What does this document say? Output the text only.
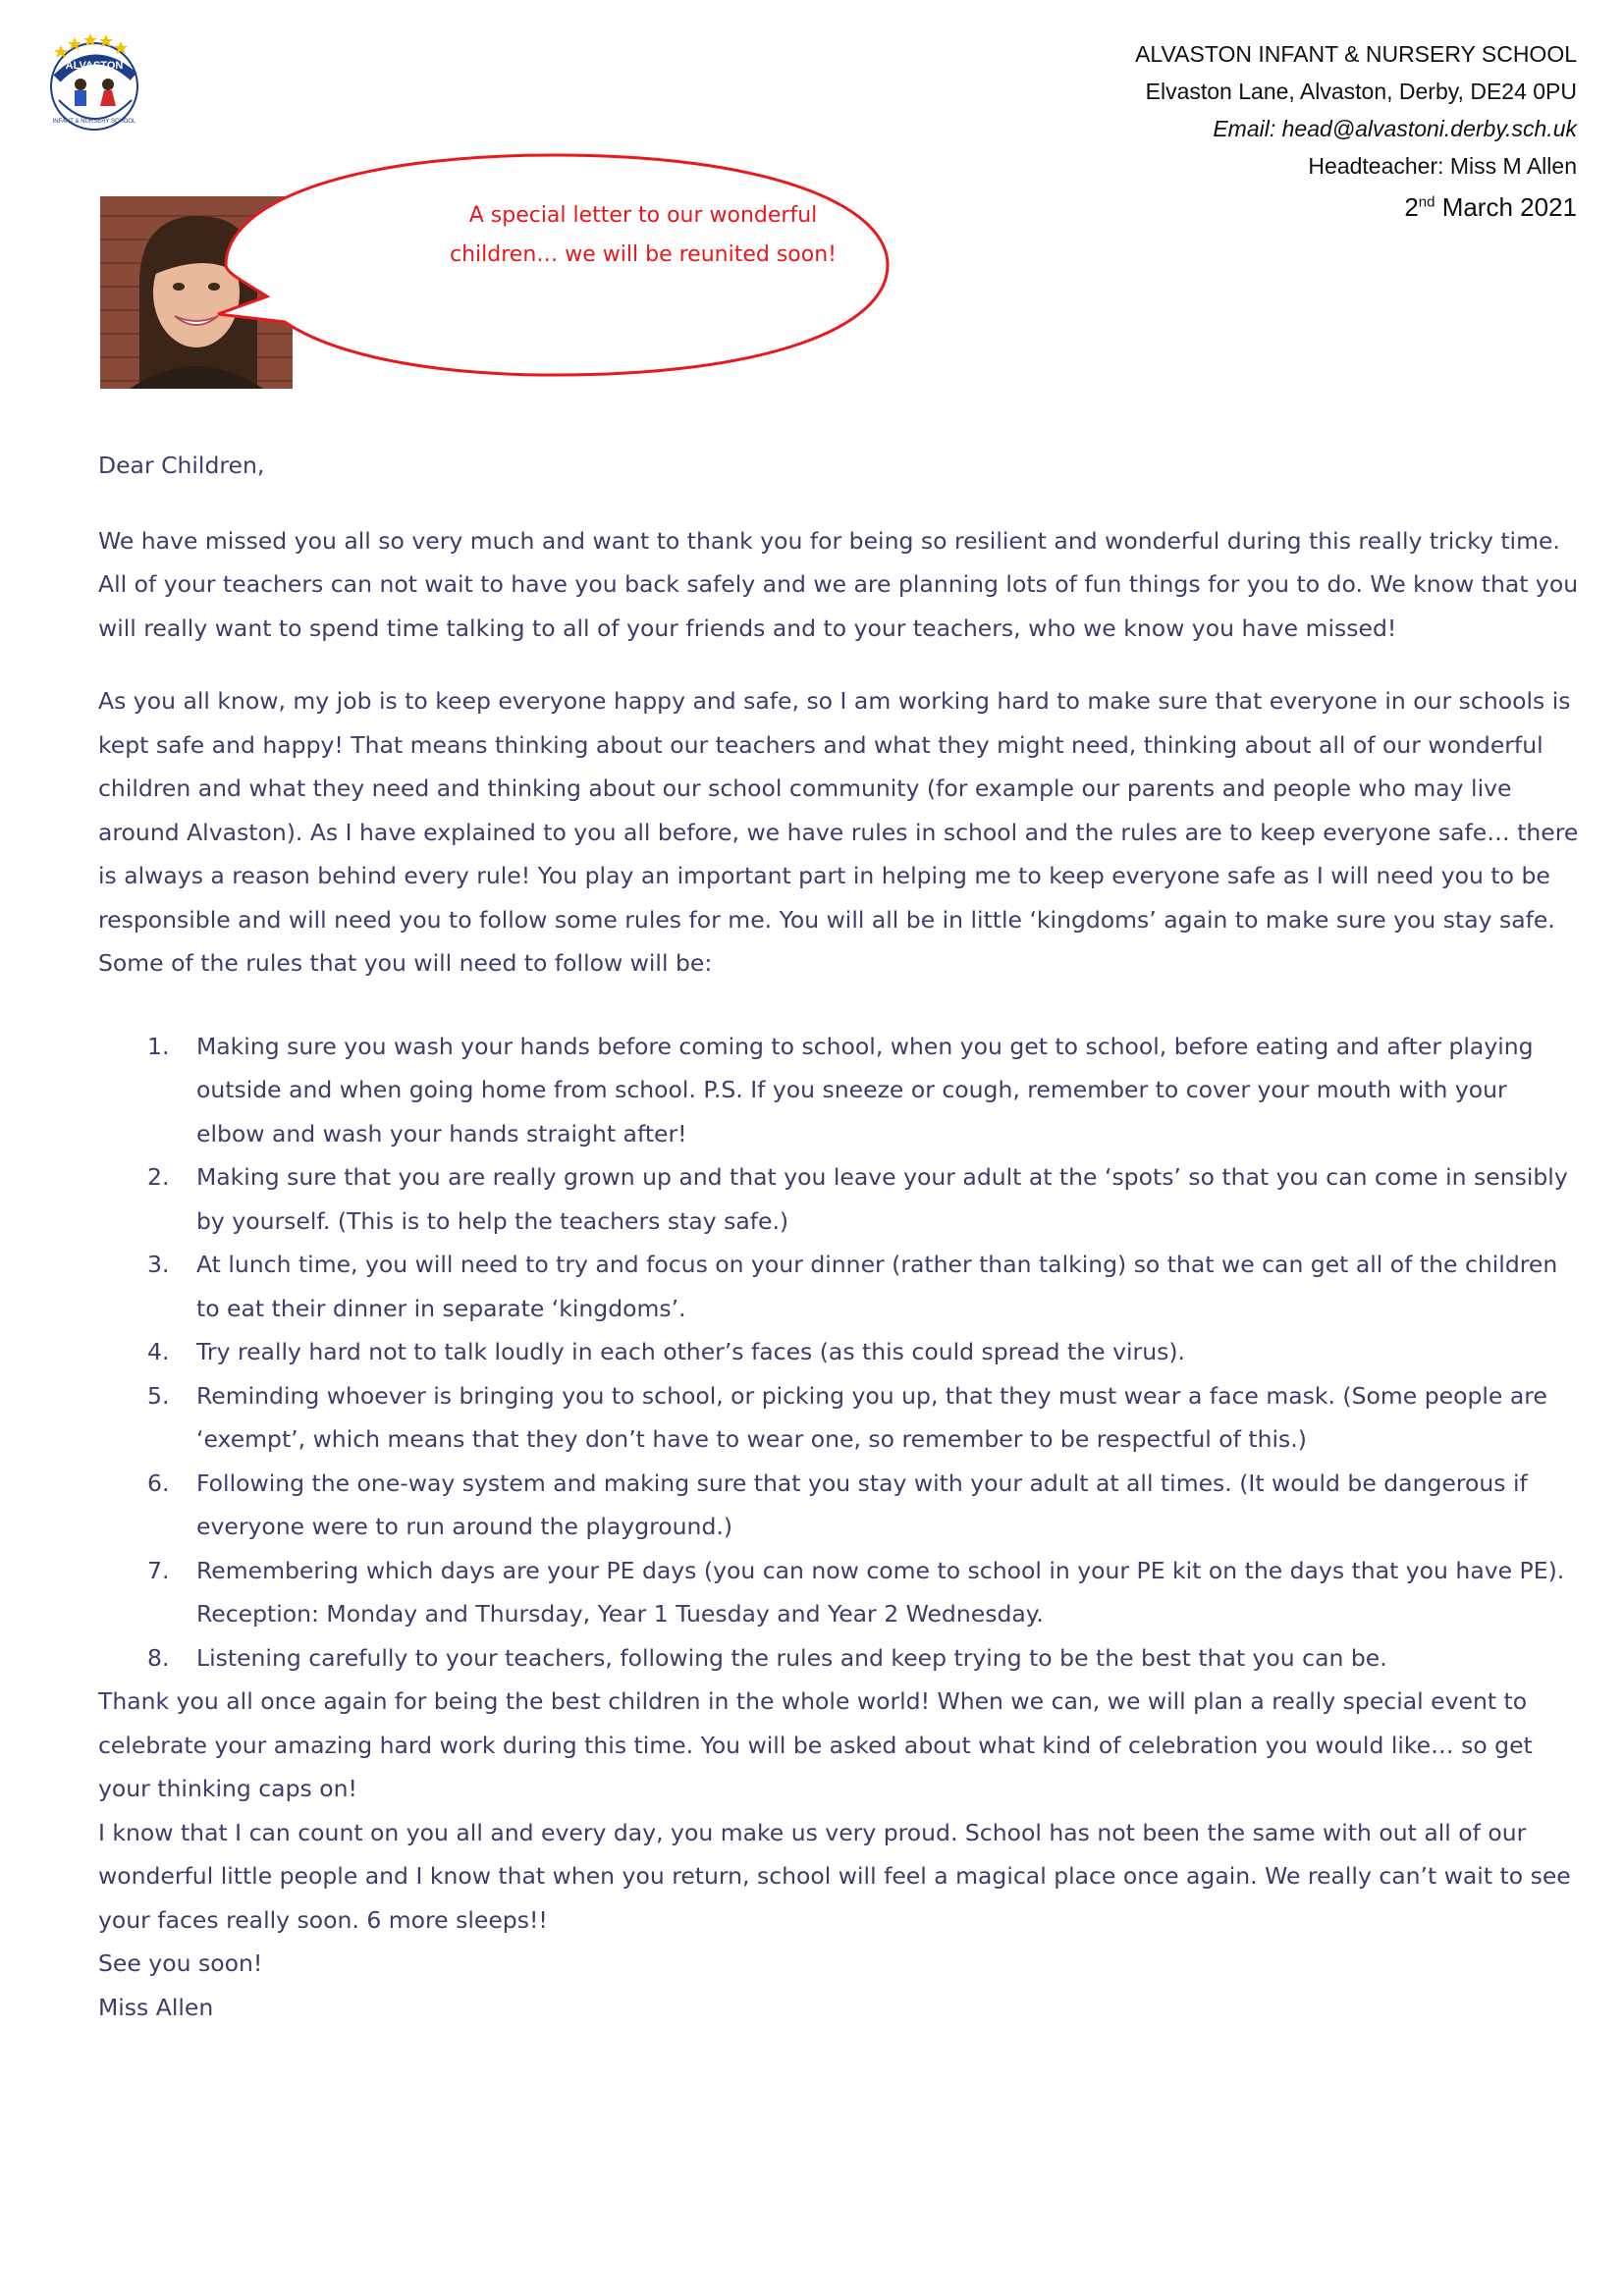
ALVASTON
INFANT & NURSERY SCHOOL
ALVASTON INFANT & NURSERY SCHOOL
Elvaston Lane, Alvaston, Derby, DE24 0PU
Email: head@alvastoni.derby.sch.uk
Headteacher: Miss M Allen
2nd March 2021
A special letter to our wonderful
children… we will be reunited soon!

Dear Children,

We have missed you all so very much and want to thank you for being so resilient and wonderful during this really tricky time. All of your teachers can not wait to have you back safely and we are planning lots of fun things for you to do. We know that you will really want to spend time talking to all of your friends and to your teachers, who we know you have missed!

As you all know, my job is to keep everyone happy and safe, so I am working hard to make sure that everyone in our schools is kept safe and happy! That means thinking about our teachers and what they might need, thinking about all of our wonderful children and what they need and thinking about our school community (for example our parents and people who may live around Alvaston). As I have explained to you all before, we have rules in school and the rules are to keep everyone safe… there is always a reason behind every rule! You play an important part in helping me to keep everyone safe as I will need you to be responsible and will need you to follow some rules for me. You will all be in little ‘kingdoms’ again to make sure you stay safe. Some of the rules that you will need to follow will be:

1. Making sure you wash your hands before coming to school, when you get to school, before eating and after playing outside and when going home from school. P.S. If you sneeze or cough, remember to cover your mouth with your elbow and wash your hands straight after!
2. Making sure that you are really grown up and that you leave your adult at the ‘spots’ so that you can come in sensibly by yourself. (This is to help the teachers stay safe.)
3. At lunch time, you will need to try and focus on your dinner (rather than talking) so that we can get all of the children to eat their dinner in separate ‘kingdoms’.
4. Try really hard not to talk loudly in each other’s faces (as this could spread the virus).
5. Reminding whoever is bringing you to school, or picking you up, that they must wear a face mask. (Some people are ‘exempt’, which means that they don’t have to wear one, so remember to be respectful of this.)
6. Following the one-way system and making sure that you stay with your adult at all times. (It would be dangerous if everyone were to run around the playground.)
7. Remembering which days are your PE days (you can now come to school in your PE kit on the days that you have PE). Reception: Monday and Thursday, Year 1 Tuesday and Year 2 Wednesday.
8. Listening carefully to your teachers, following the rules and keep trying to be the best that you can be.

Thank you all once again for being the best children in the whole world! When we can, we will plan a really special event to celebrate your amazing hard work during this time. You will be asked about what kind of celebration you would like… so get your thinking caps on!

I know that I can count on you all and every day, you make us very proud. School has not been the same with out all of our wonderful little people and I know that when you return, school will feel a magical place once again. We really can’t wait to see your faces really soon. 6 more sleeps!!

See you soon!

Miss Allen
